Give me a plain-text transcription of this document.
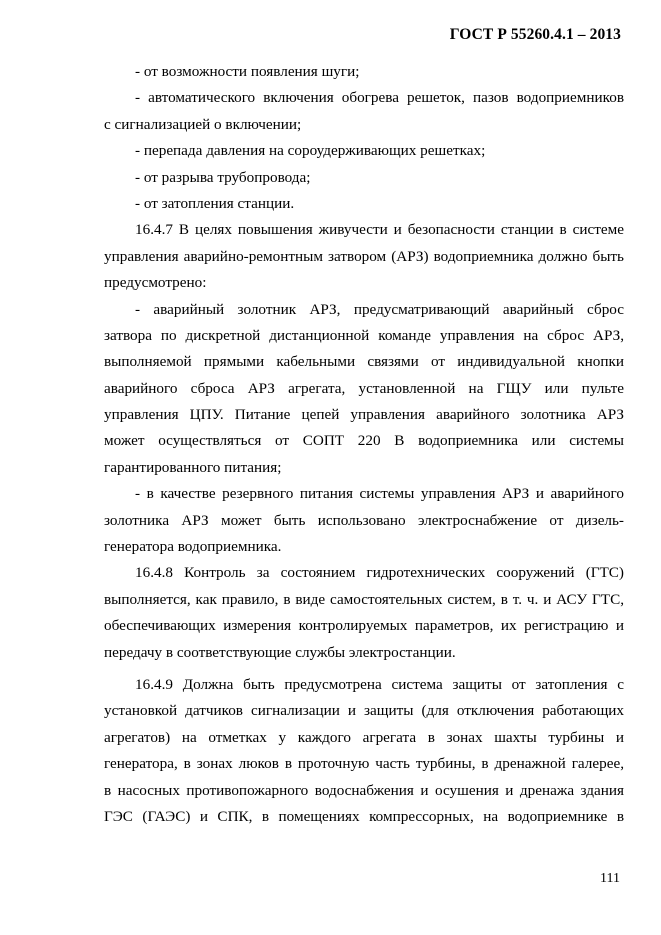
ГОСТ Р 55260.4.1 – 2013
- от возможности появления шуги;
- автоматического включения обогрева решеток, пазов водоприемников
с сигнализацией о включении;
- перепада давления на сороудерживающих решетках;
- от разрыва трубопровода;
- от затопления станции.
16.4.7 В целях повышения живучести и безопасности станции в системе
управления аварийно-ремонтным затвором (АРЗ) водоприемника должно быть
предусмотрено:
- аварийный золотник АРЗ, предусматривающий аварийный сброс
затвора по дискретной дистанционной команде управления на сброс АРЗ,
выполняемой прямыми кабельными связями от индивидуальной кнопки
аварийного сброса АРЗ агрегата, установленной на ГЩУ или пульте
управления ЦПУ. Питание цепей управления аварийного золотника АРЗ
может осуществляться от СОПТ 220 В водоприемника или системы
гарантированного питания;
- в качестве резервного питания системы управления АРЗ и аварийного
золотника АРЗ может быть использовано электроснабжение от дизель-
генератора водоприемника.
16.4.8 Контроль за состоянием гидротехнических сооружений (ГТС)
выполняется, как правило, в виде самостоятельных систем, в т. ч. и АСУ ГТС,
обеспечивающих измерения контролируемых параметров, их регистрацию и
передачу в соответствующие службы электростанции.
16.4.9 Должна быть предусмотрена система защиты от затопления с
установкой датчиков сигнализации и защиты (для отключения работающих
агрегатов) на отметках у каждого агрегата в зонах шахты турбины и
генератора, в зонах люков в проточную часть турбины, в дренажной галерее,
в насосных противопожарного водоснабжения и осушения и дренажа здания
ГЭС (ГАЭС) и СПК, в помещениях компрессорных, на водоприемнике в
111
